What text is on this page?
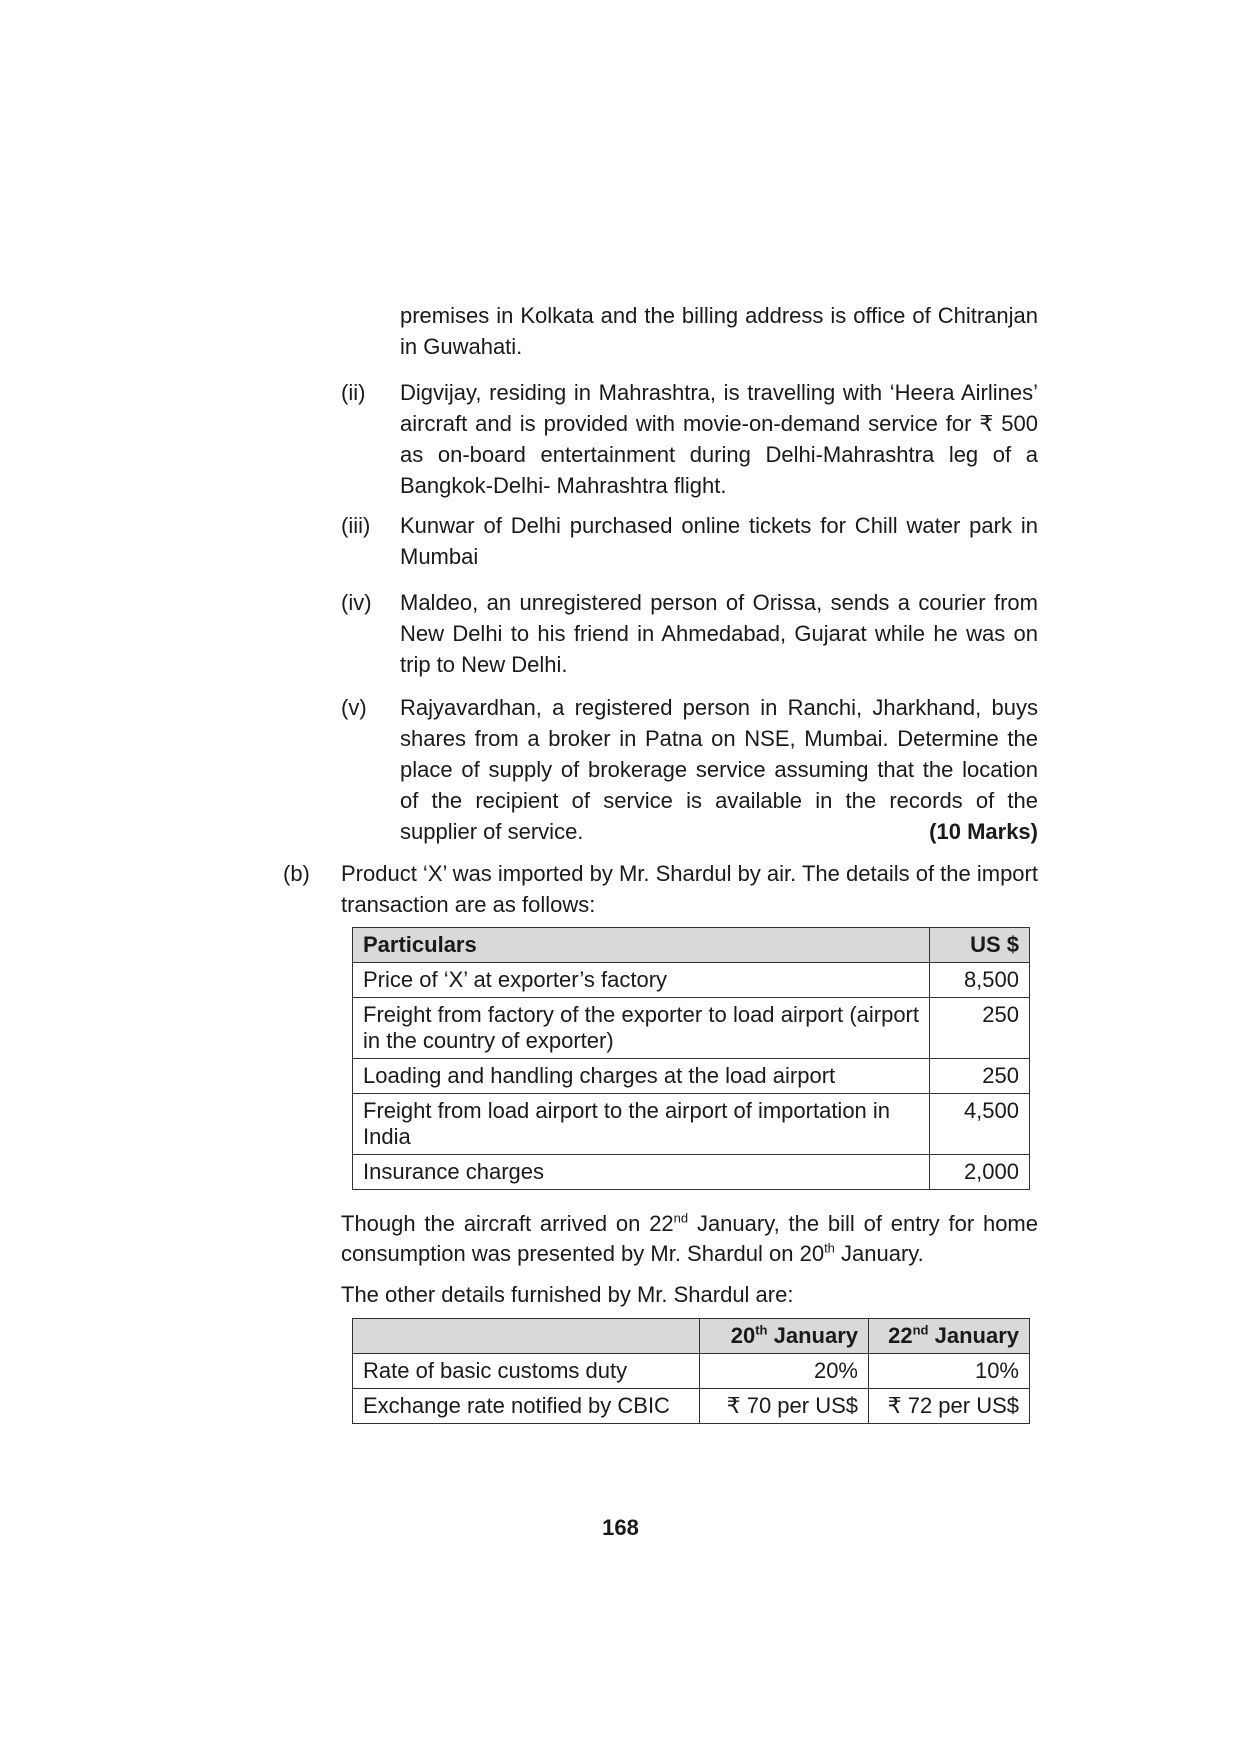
premises in Kolkata and the billing address is office of Chitranjan in Guwahati.
(ii) Digvijay, residing in Mahrashtra, is travelling with ‘Heera Airlines’ aircraft and is provided with movie-on-demand service for ₹ 500 as on-board entertainment during Delhi-Mahrashtra leg of a Bangkok-Delhi- Mahrashtra flight.
(iii) Kunwar of Delhi purchased online tickets for Chill water park in Mumbai
(iv) Maldeo, an unregistered person of Orissa, sends a courier from New Delhi to his friend in Ahmedabad, Gujarat while he was on trip to New Delhi.
(v) Rajyavardhan, a registered person in Ranchi, Jharkhand, buys shares from a broker in Patna on NSE, Mumbai. Determine the place of supply of brokerage service assuming that the location of the recipient of service is available in the records of the supplier of service.	(10 Marks)
(b) Product ‘X’ was imported by Mr. Shardul by air. The details of the import transaction are as follows:
Particulars	US $
Price of ‘X’ at exporter’s factory	8,500
Freight from factory of the exporter to load airport (airport in the country of exporter)	250
Loading and handling charges at the load airport	250
Freight from load airport to the airport of importation in India	4,500
Insurance charges	2,000
Though the aircraft arrived on 22nd January, the bill of entry for home consumption was presented by Mr. Shardul on 20th January.
The other details furnished by Mr. Shardul are:
	20th January	22nd January
Rate of basic customs duty	20%	10%
Exchange rate notified by CBIC	₹ 70 per US$	₹ 72 per US$
168
